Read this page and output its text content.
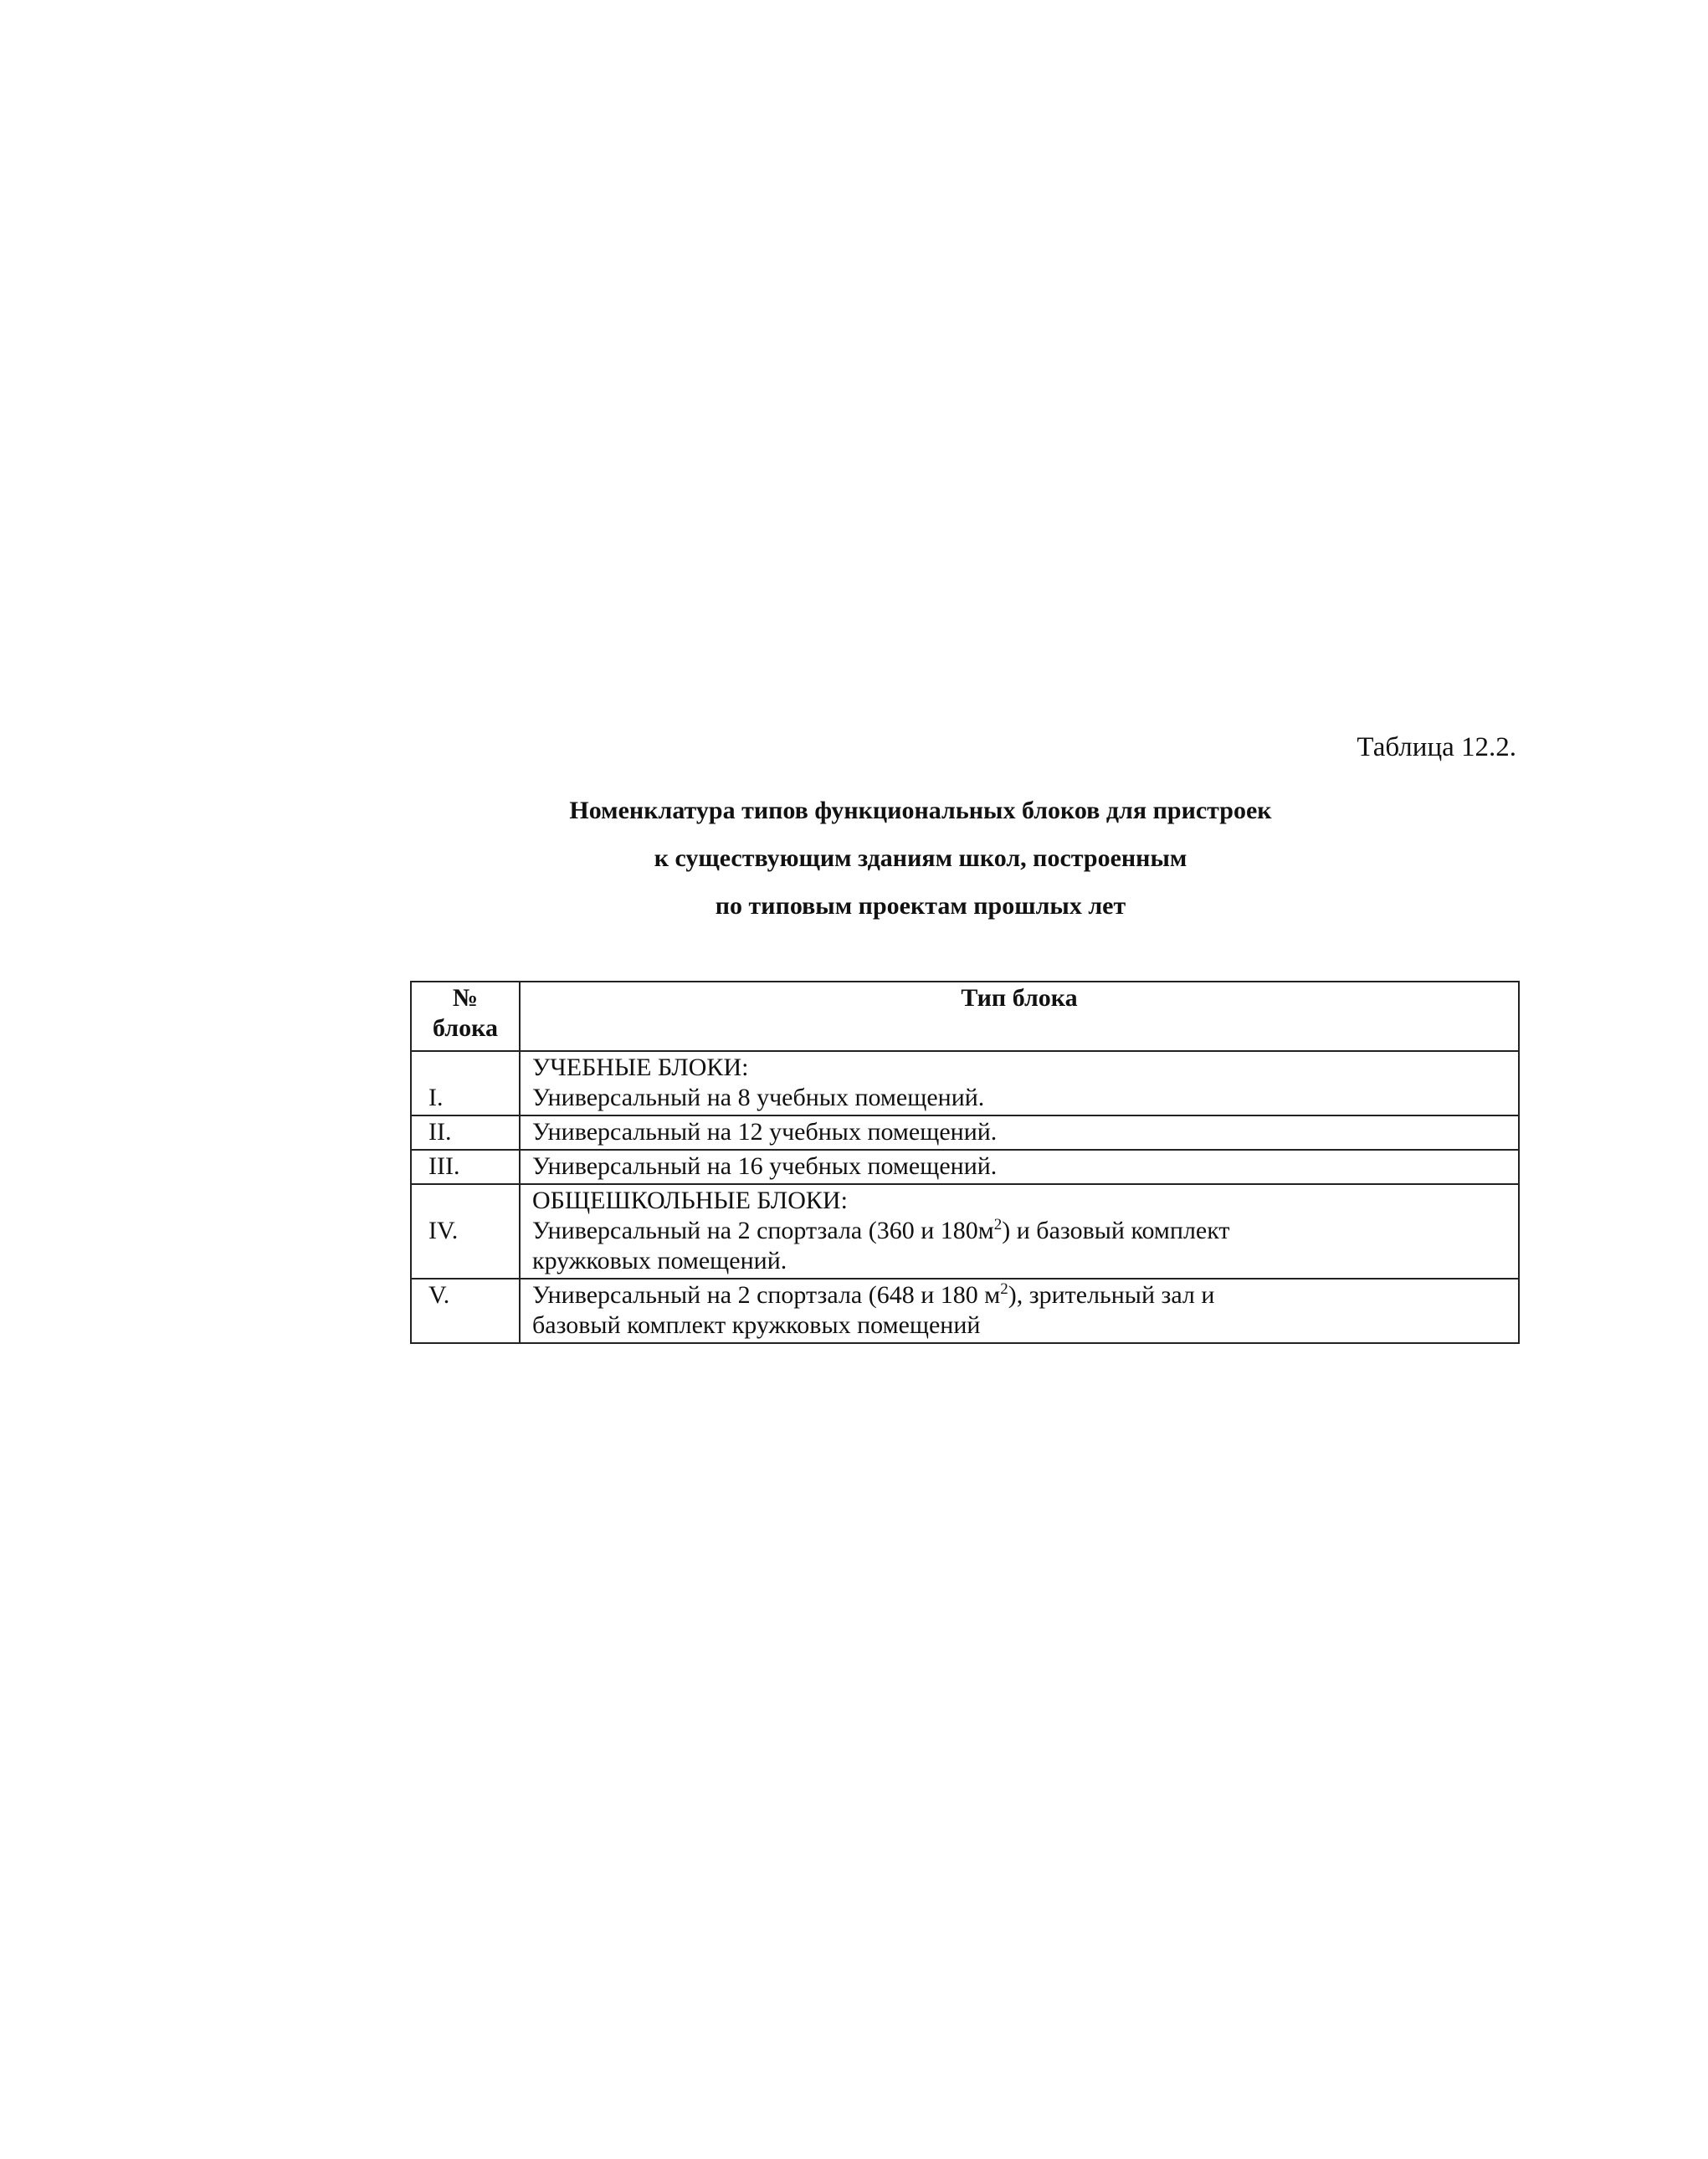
Таблица 12.2.
Номенклатура типов функциональных блоков для пристроек
к существующим зданиям школ, построенным
по типовым проектам прошлых лет
№
блока	Тип блока
I.	УЧЕБНЫЕ БЛОКИ:
Универсальный на 8 учебных помещений.

II.	Универсальный на 12 учебных помещений.

III.	Универсальный на 16 учебных помещений.

IV.	ОБЩЕШКОЛЬНЫЕ БЛОКИ:
Универсальный на 2 спортзала (360 и $180м^2$) и базовый комплект
кружковых помещений.

V.	Универсальный на 2 спортзала (648 и 180 $м^2$), зрительный зал и
базовый комплект кружковых помещений
